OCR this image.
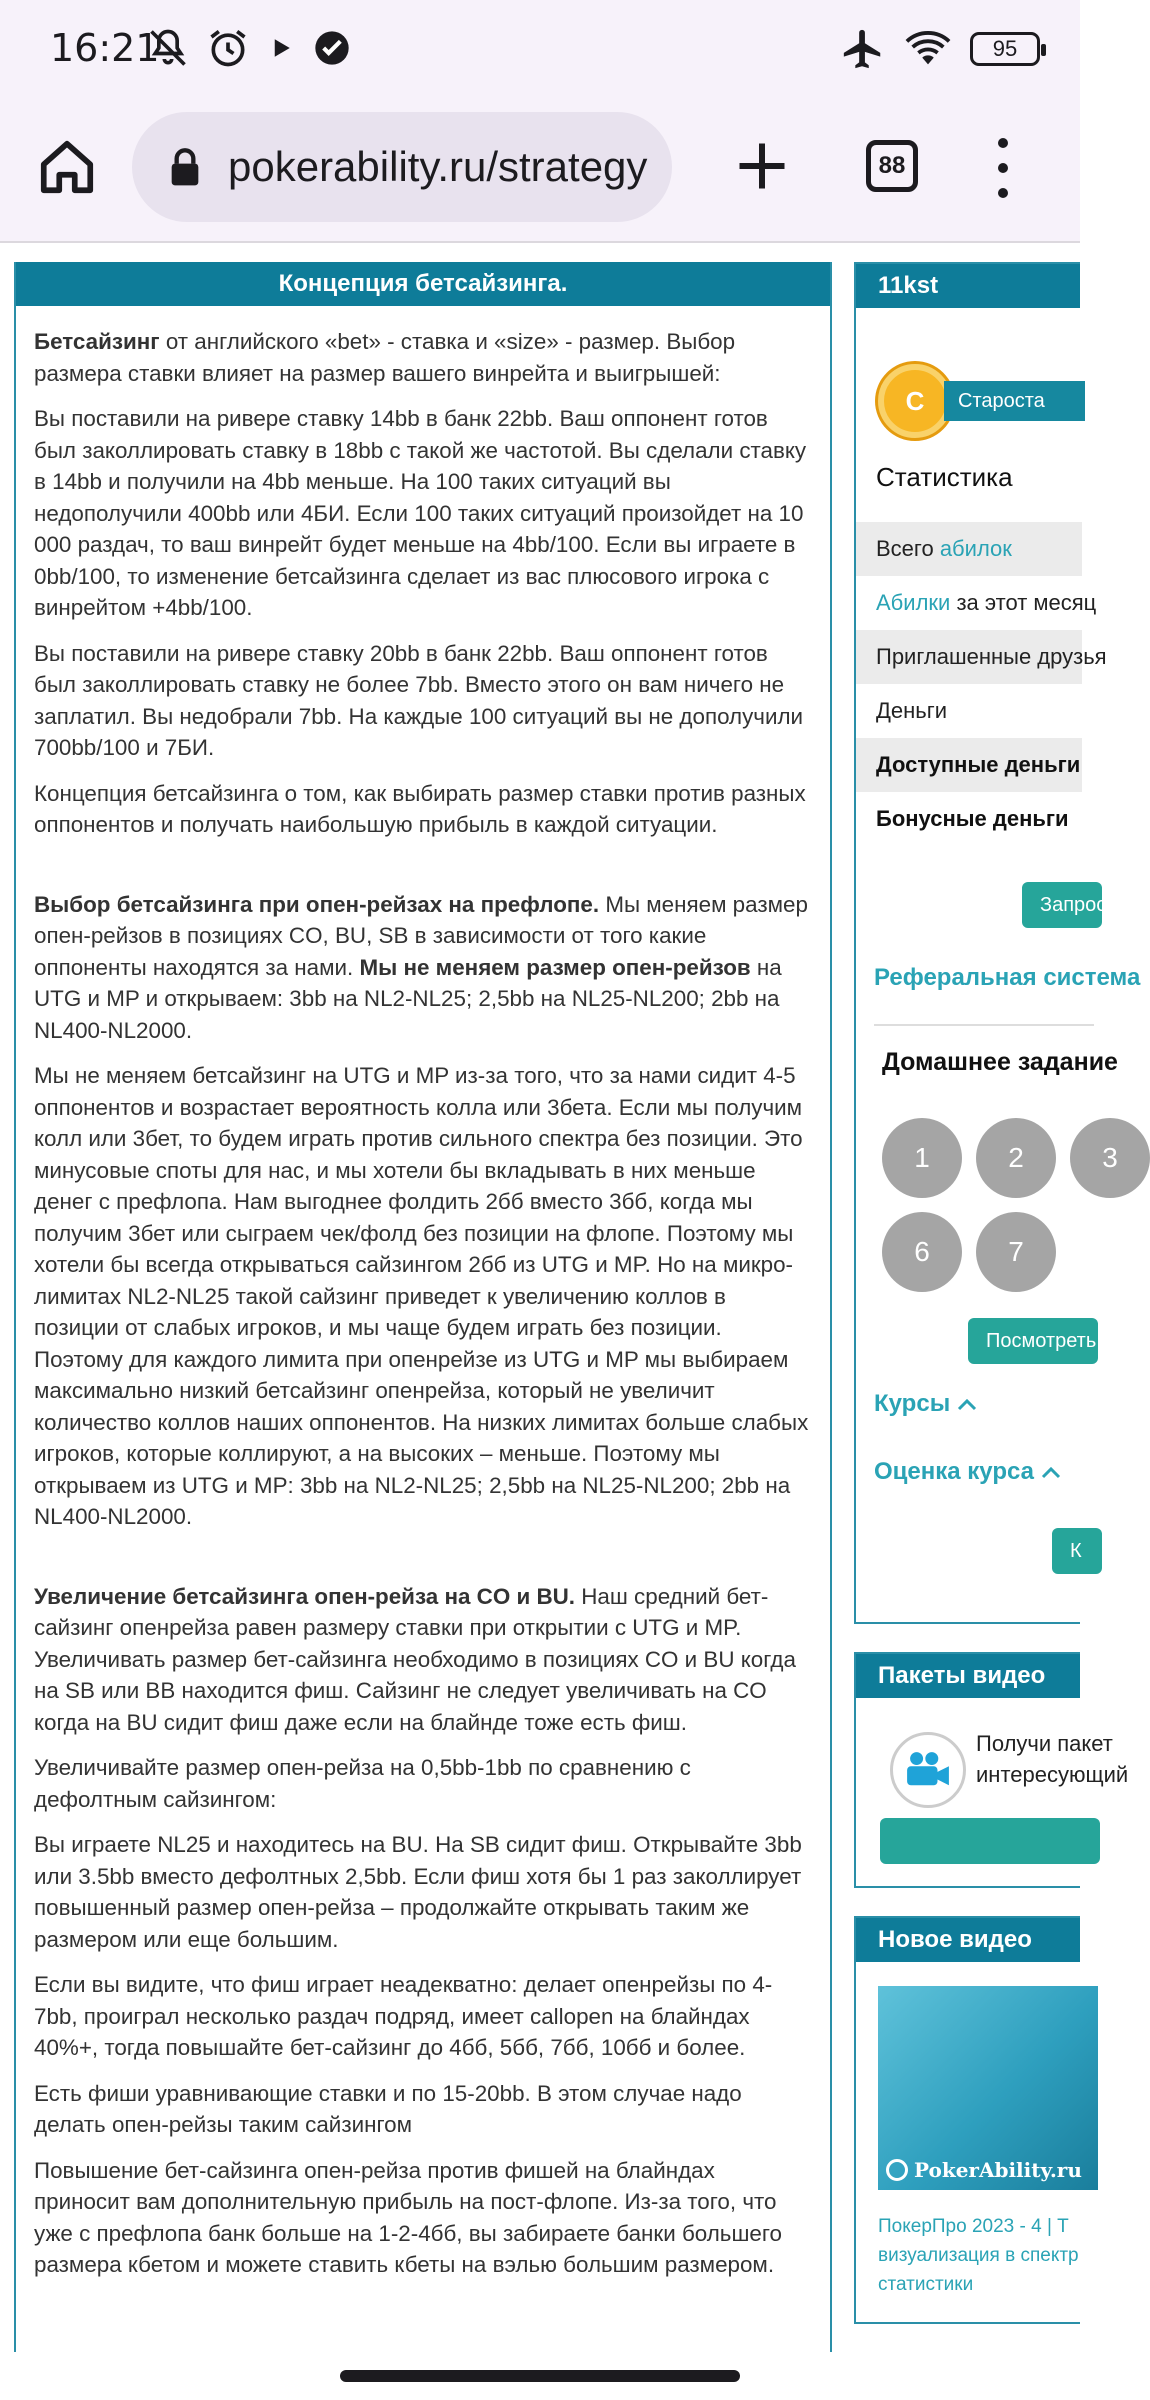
16:21	95
pokerability.ru/strategy	88
Концепция бетсайзинга.

Бетсайзинг от английского «bet» - ставка и «size» - размер. Выбор размера ставки влияет на размер вашего винрейта и выигрышей:

Вы поставили на ривере ставку 14bb в банк 22bb. Ваш оппонент готов был заколлировать ставку в 18bb с такой же частотой. Вы сделали ставку в 14bb и получили на 4bb меньше. На 100 таких ситуаций вы недополучили 400bb или 4БИ. Если 100 таких ситуаций произойдет на 10 000 раздач, то ваш винрейт будет меньше на 4bb/100. Если вы играете в 0bb/100, то изменение бетсайзинга сделает из вас плюсового игрока с винрейтом +4bb/100.

Вы поставили на ривере ставку 20bb в банк 22bb. Ваш оппонент готов был заколлировать ставку не более 7bb. Вместо этого он вам ничего не заплатил. Вы недобрали 7bb. На каждые 100 ситуаций вы не дополучили 700bb/100 и 7БИ.

Концепция бетсайзинга о том, как выбирать размер ставки против разных оппонентов и получать наибольшую прибыль в каждой ситуации.

Выбор бетсайзинга при опен-рейзах на префлопе. Мы меняем размер опен-рейзов в позициях CO, BU, SB в зависимости от того какие оппоненты находятся за нами. Мы не меняем размер опен-рейзов на UTG и MP и открываем: 3bb на NL2-NL25; 2,5bb на NL25-NL200; 2bb на NL400-NL2000.

Мы не меняем бетсайзинг на UTG и MP из-за того, что за нами сидит 4-5 оппонентов и возрастает вероятность колла или 3бета. Если мы получим колл или 3бет, то будем играть против сильного спектра без позиции. Это минусовые споты для нас, и мы хотели бы вкладывать в них меньше денег с префлопа. Нам выгоднее фолдить 2бб вместо 3бб, когда мы получим 3бет или сыграем чек/фолд без позиции на флопе. Поэтому мы хотели бы всегда открываться сайзингом 2бб из UTG и MP. Но на микро-лимитах NL2-NL25 такой сайзинг приведет к увеличению коллов в позиции от слабых игроков, и мы чаще будем играть без позиции. Поэтому для каждого лимита при опенрейзе из UTG и MP мы выбираем максимально низкий бетсайзинг опенрейза, который не увеличит количество коллов наших оппонентов. На низких лимитах больше слабых игроков, которые коллируют, а на высоких – меньше. Поэтому мы открываем из UTG и MP: 3bb на NL2-NL25; 2,5bb на NL25-NL200; 2bb на NL400-NL2000.

Увеличение бетсайзинга опен-рейза на CO и BU. Наш средний бет-сайзинг опенрейза равен размеру ставки при открытии с UTG и MP. Увеличивать размер бет-сайзинга необходимо в позициях CO и BU когда на SB или BB находится фиш. Сайзинг не следует увеличивать на CO когда на BU сидит фиш даже если на блайнде тоже есть фиш.

Увеличивайте размер опен-рейза на 0,5bb-1bb по сравнению с дефолтным сайзингом:

Вы играете NL25 и находитесь на BU. На SB сидит фиш. Открывайте 3bb или 3.5bb вместо дефолтных 2,5bb. Если фиш хотя бы 1 раз заколлирует повышенный размер опен-рейза – продолжайте открывать таким же размером или еще большим.

Если вы видите, что фиш играет неадекватно: делает опенрейзы по 4-7bb, проиграл несколько раздач подряд, имеет callopen на блайндах 40%+, тогда повышайте бет-сайзинг до 4бб, 5бб, 7бб, 10бб и более.

Есть фиши уравнивающие ставки и по 15-20bb. В этом случае надо делать опен-рейзы таким сайзингом

Повышение бет-сайзинга опен-рейза против фишей на блайндах приносит вам дополнительную прибыль на пост-флопе. Из-за того, что уже с префлопа банк больше на 1-2-4бб, вы забираете банки большего размера кбетом и можете ставить кбеты на вэлью большим размером.

11kst
C	Староста
Статистика
Всего абилок
Абилки за этот месяц
Приглашенные друзья
Деньги
Доступные деньги
Бонусные деньги
Запросить
Реферальная система
Домашнее задание
1	2	3
6	7
Посмотреть
Курсы
Оценка курса
К
Пакеты видео
Получи пакет
интересующий
Новое видео
PokerAbility.ru
ПокерПро 2023 - 4 | Т
визуализация в спектр
статистики
